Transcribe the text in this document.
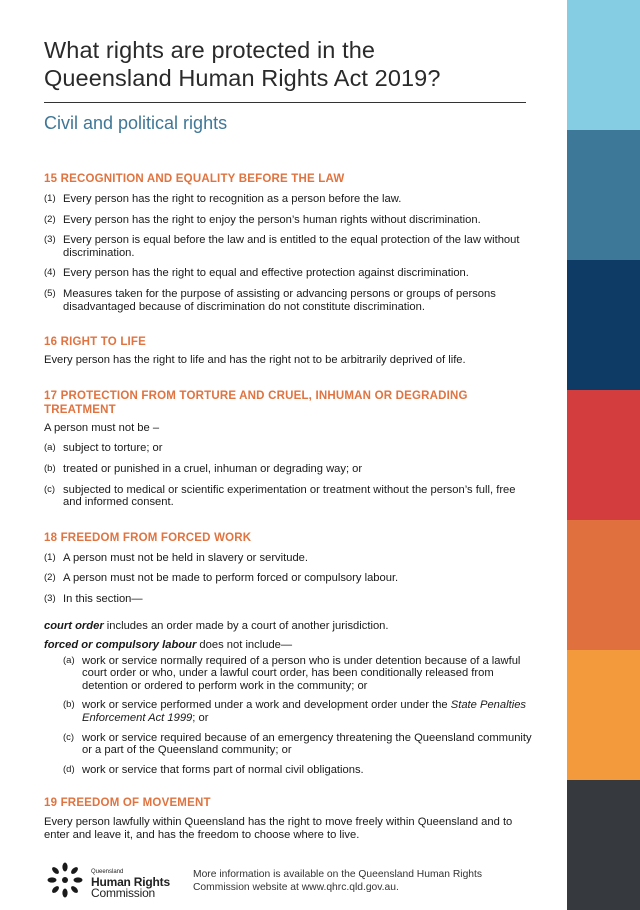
What rights are protected in the
Queensland Human Rights Act 2019?
Civil and political rights
15 RECOGNITION AND EQUALITY BEFORE THE LAW
(1) Every person has the right to recognition as a person before the law.
(2) Every person has the right to enjoy the person’s human rights without discrimination.
(3) Every person is equal before the law and is entitled to the equal protection of the law without discrimination.
(4) Every person has the right to equal and effective protection against discrimination.
(5) Measures taken for the purpose of assisting or advancing persons or groups of persons disadvantaged because of discrimination do not constitute discrimination.
16 RIGHT TO LIFE

Every person has the right to life and has the right not to be arbitrarily deprived of life.

17 PROTECTION FROM TORTURE AND CRUEL, INHUMAN OR DEGRADING TREATMENT

A person must not be –

(a) subject to torture; or
(b) treated or punished in a cruel, inhuman or degrading way; or
(c) subjected to medical or scientific experimentation or treatment without the person’s full, free and informed consent.
18 FREEDOM FROM FORCED WORK
(1) A person must not be held in slavery or servitude.
(2) A person must not be made to perform forced or compulsory labour.
(3) In this section—

court order includes an order made by a court of another jurisdiction.

forced or compulsory labour does not include—

(a) work or service normally required of a person who is under detention because of a lawful court order or who, under a lawful court order, has been conditionally released from detention or ordered to perform work in the community; or
(b) work or service performed under a work and development order under the State Penalties Enforcement Act 1999; or
(c) work or service required because of an emergency threatening the Queensland community or a part of the Queensland community; or
(d) work or service that forms part of normal civil obligations.
19 FREEDOM OF MOVEMENT

Every person lawfully within Queensland has the right to move freely within Queensland and to enter and leave it, and has the freedom to choose where to live.

Queensland
Human Rights
Commission
More information is available on the Queensland Human Rights Commission website at www.qhrc.qld.gov.au.
